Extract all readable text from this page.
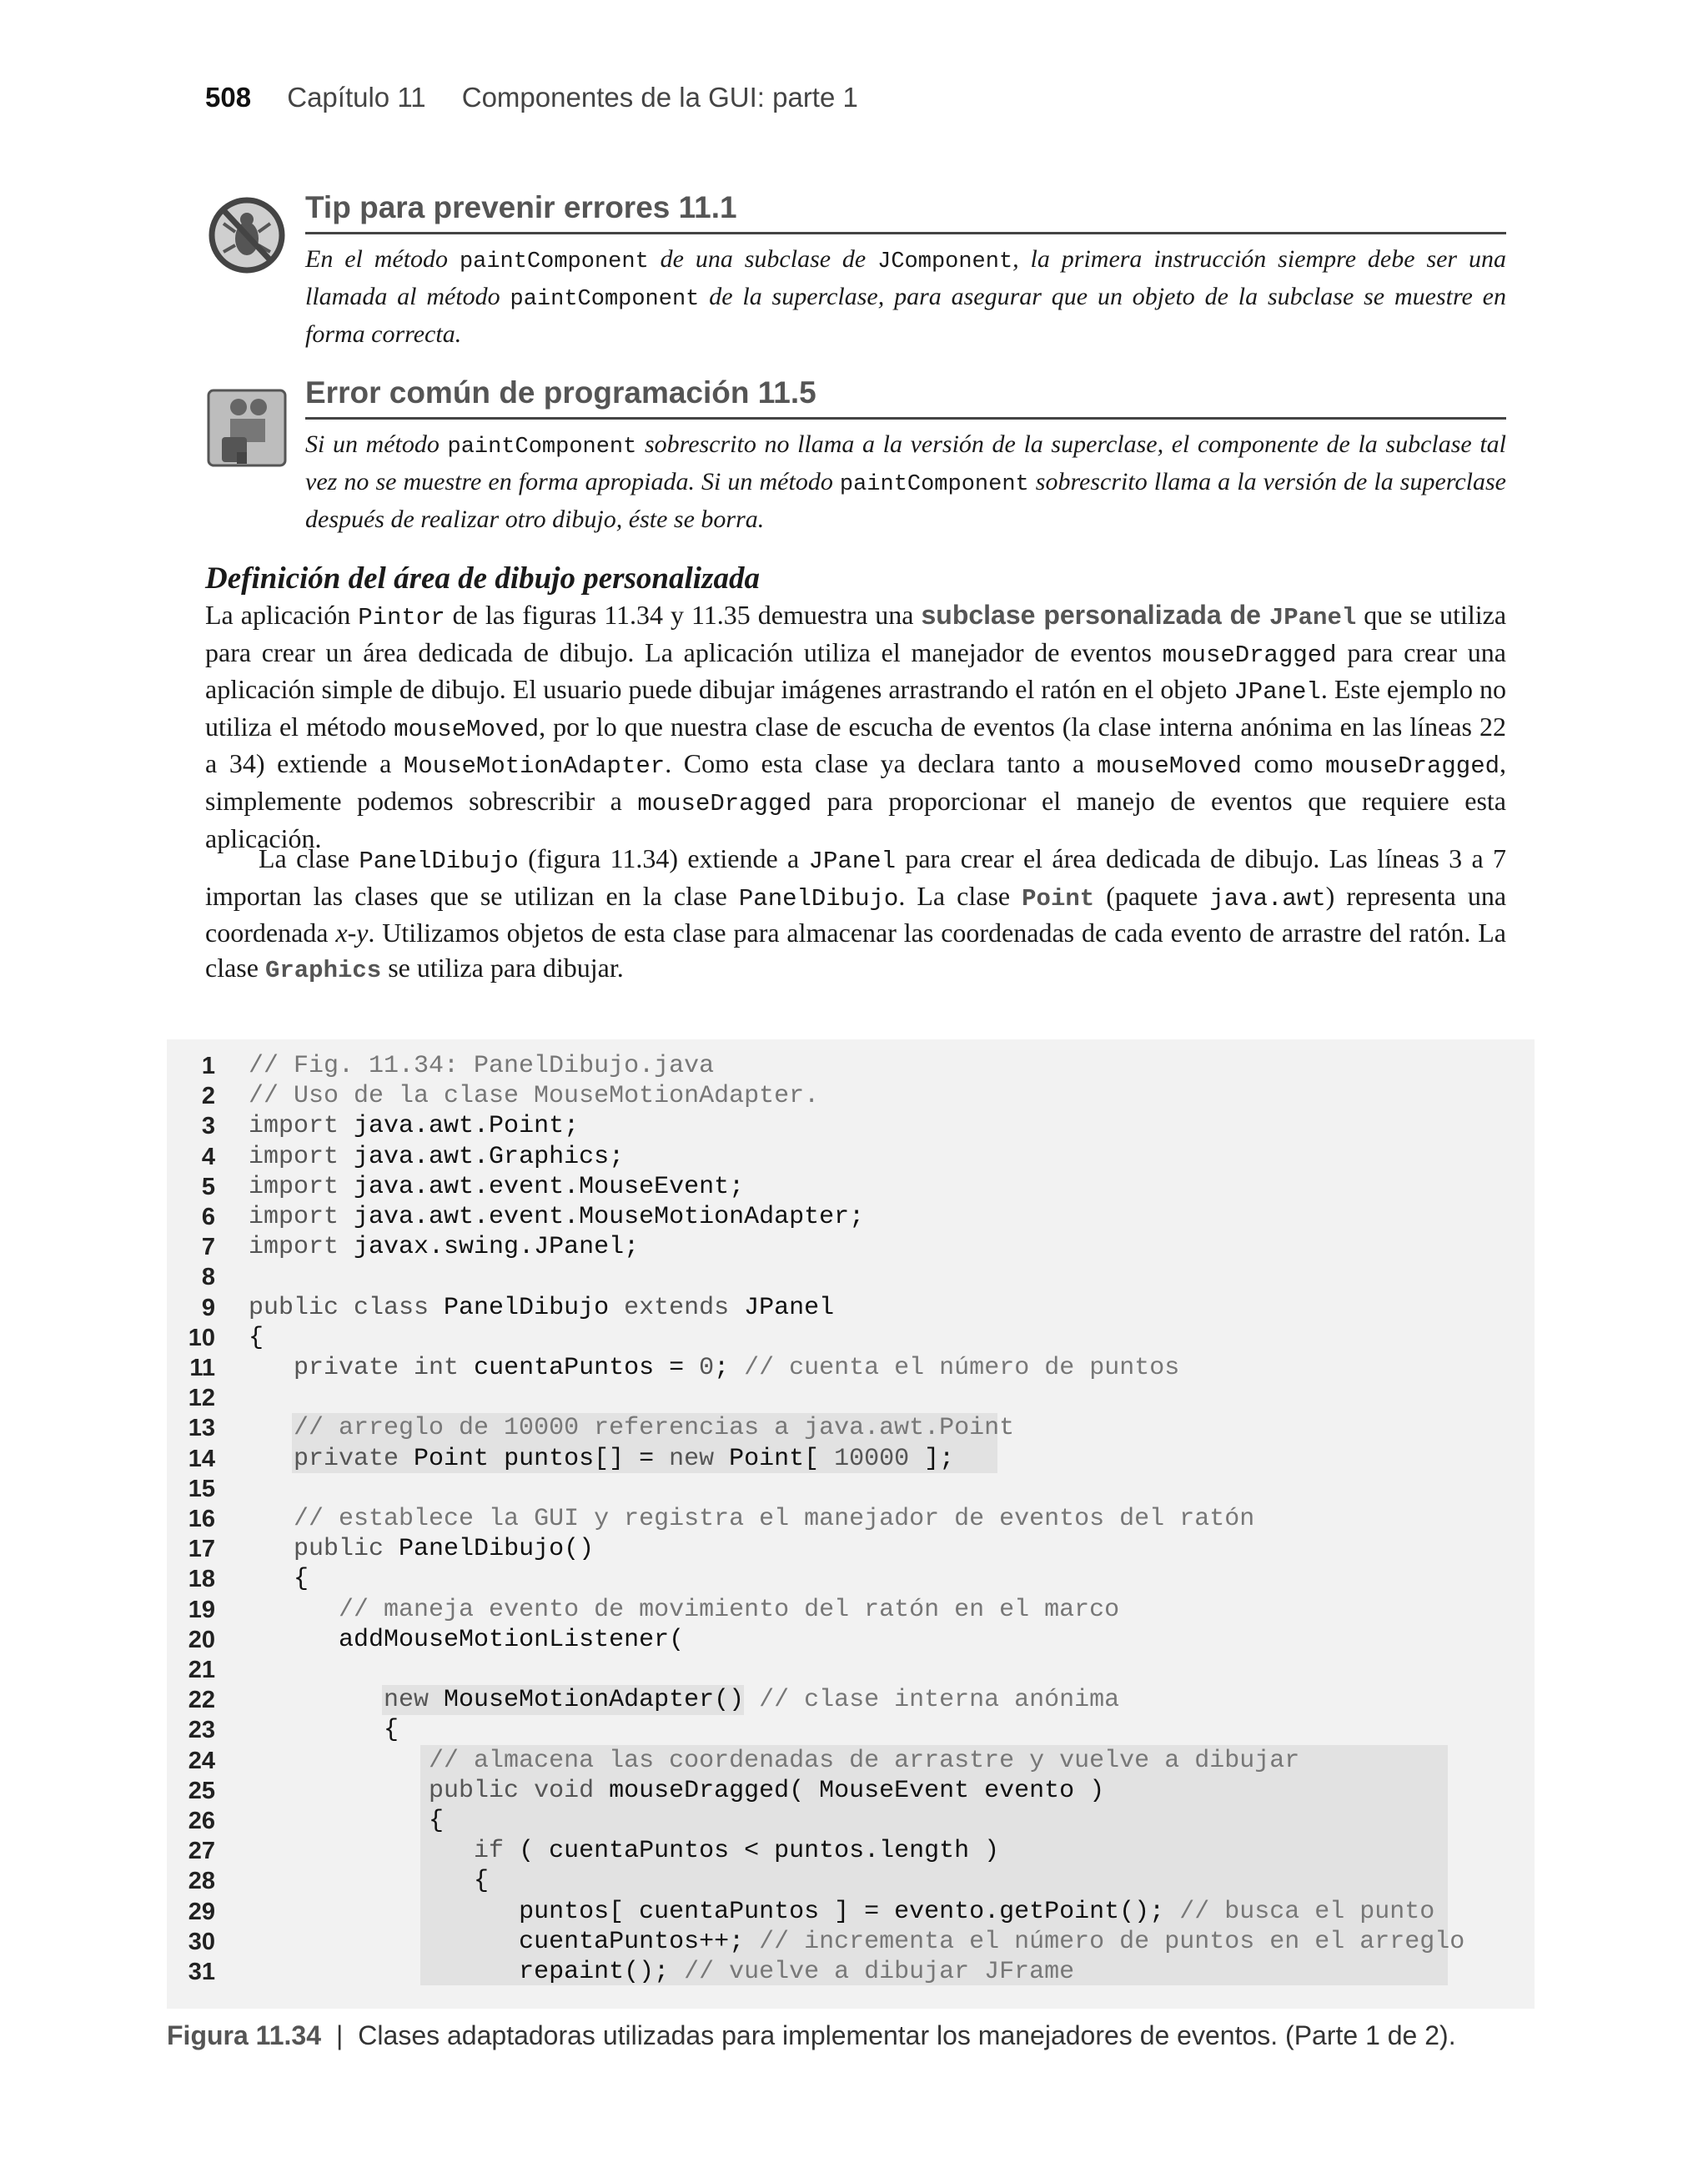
508 Capítulo 11 Componentes de la GUI: parte 1
Tip para prevenir errores 11.1
En el método paintComponent de una subclase de JComponent, la primera instrucción siempre debe ser una llamada al método paintComponent de la superclase, para asegurar que un objeto de la subclase se muestre en forma correcta.
Error común de programación 11.5
Si un método paintComponent sobrescrito no llama a la versión de la superclase, el componente de la subclase tal vez no se muestre en forma apropiada. Si un método paintComponent sobrescrito llama a la versión de la superclase después de realizar otro dibujo, éste se borra.
Definición del área de dibujo personalizada
La aplicación Pintor de las figuras 11.34 y 11.35 demuestra una subclase personalizada de JPanel que se utiliza para crear un área dedicada de dibujo. La aplicación utiliza el manejador de eventos mouseDragged para crear una aplicación simple de dibujo. El usuario puede dibujar imágenes arrastrando el ratón en el objeto JPanel. Este ejemplo no utiliza el método mouseMoved, por lo que nuestra clase de escucha de eventos (la clase interna anónima en las líneas 22 a 34) extiende a MouseMotionAdapter. Como esta clase ya declara tanto a mouseMoved como mouseDragged, simplemente podemos sobrescribir a mouseDragged para proporcionar el manejo de eventos que requiere esta aplicación.
La clase PanelDibujo (figura 11.34) extiende a JPanel para crear el área dedicada de dibujo. Las líneas 3 a 7 importan las clases que se utilizan en la clase PanelDibujo. La clase Point (paquete java.awt) representa una coordenada x-y. Utilizamos objetos de esta clase para almacenar las coordenadas de cada evento de arrastre del ratón. La clase Graphics se utiliza para dibujar.
1 // Fig. 11.34: PanelDibujo.java
2 // Uso de la clase MouseMotionAdapter.
3 import java.awt.Point;
4 import java.awt.Graphics;
5 import java.awt.event.MouseEvent;
6 import java.awt.event.MouseMotionAdapter;
7 import javax.swing.JPanel;
8
9 public class PanelDibujo extends JPanel
10 {
11	private int cuentaPuntos = 0; // cuenta el número de puntos
12
13	// arreglo de 10000 referencias a java.awt.Point
14	private Point puntos[] = new Point[ 10000 ];
15
16	// establece la GUI y registra el manejador de eventos del ratón
17	public PanelDibujo()
18	{
19	// maneja evento de movimiento del ratón en el marco
20	addMouseMotionListener(
21
22	new MouseMotionAdapter() // clase interna anónima
23	{
24	// almacena las coordenadas de arrastre y vuelve a dibujar
25	public void mouseDragged( MouseEvent evento )
26	{
27	if ( cuentaPuntos < puntos.length )
28	{
29	puntos[ cuentaPuntos ] = evento.getPoint(); // busca el punto
30	cuentaPuntos++; // incrementa el número de puntos en el arreglo
31	repaint(); // vuelve a dibujar JFrame
Figura 11.34 | Clases adaptadoras utilizadas para implementar los manejadores de eventos. (Parte 1 de 2).
